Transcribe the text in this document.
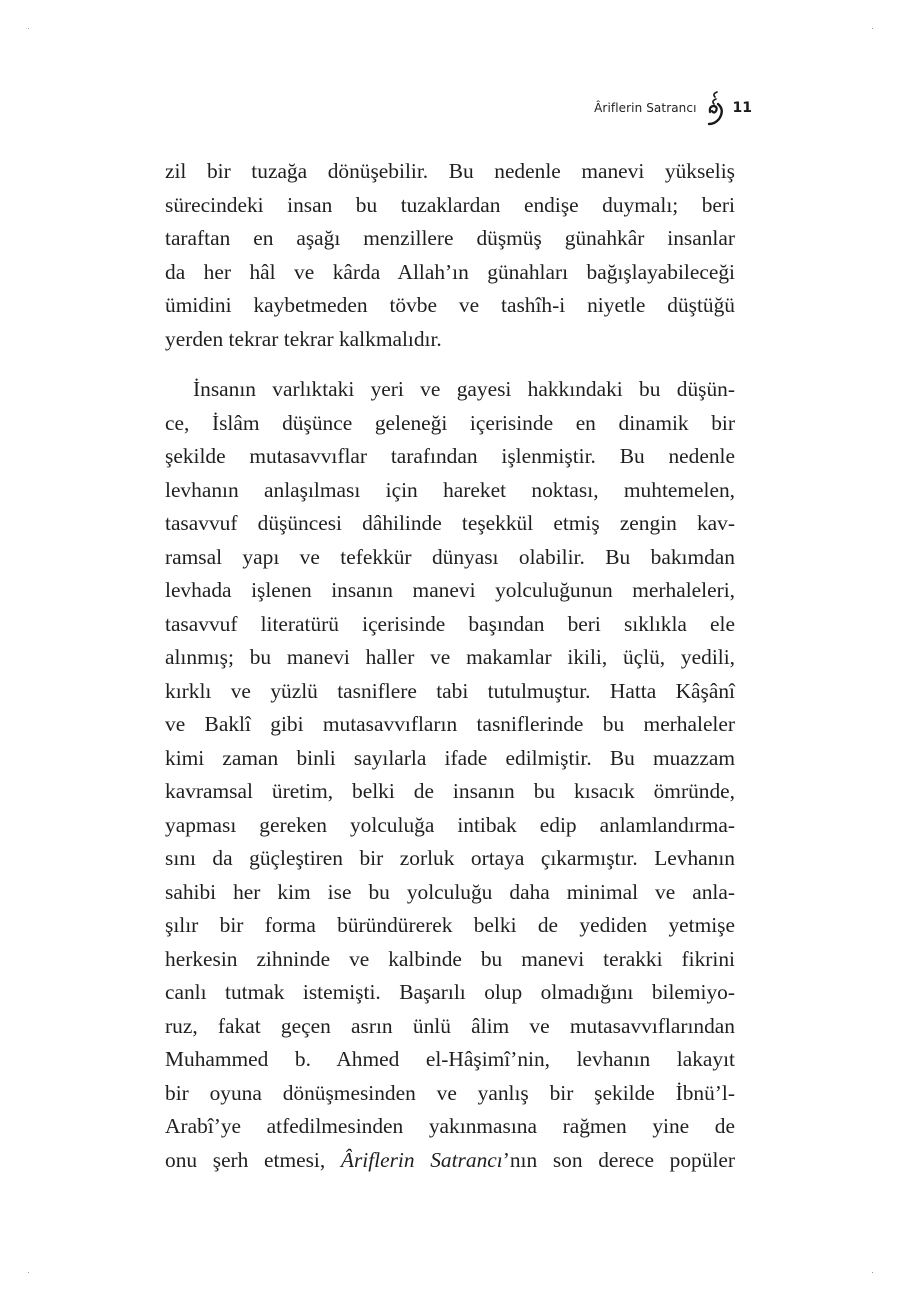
Âriflerin Satrancı	11
zil bir tuzağa dönüşebilir. Bu nedenle manevi yükseliş
sürecindeki insan bu tuzaklardan endişe duymalı; beri
taraftan en aşağı menzillere düşmüş günahkâr insanlar
da her hâl ve kârda Allah’ın günahları bağışlayabileceği
ümidini kaybetmeden tövbe ve tashîh-i niyetle düştüğü
yerden tekrar tekrar kalkmalıdır.
İnsanın varlıktaki yeri ve gayesi hakkındaki bu düşün-
ce, İslâm düşünce geleneği içerisinde en dinamik bir
şekilde mutasavvıflar tarafından işlenmiştir. Bu nedenle
levhanın anlaşılması için hareket noktası, muhtemelen,
tasavvuf düşüncesi dâhilinde teşekkül etmiş zengin kav-
ramsal yapı ve tefekkür dünyası olabilir. Bu bakımdan
levhada işlenen insanın manevi yolculuğunun merhaleleri,
tasavvuf literatürü içerisinde başından beri sıklıkla ele
alınmış; bu manevi haller ve makamlar ikili, üçlü, yedili,
kırklı ve yüzlü tasniflere tabi tutulmuştur. Hatta Kâşânî
ve Baklî gibi mutasavvıfların tasniflerinde bu merhaleler
kimi zaman binli sayılarla ifade edilmiştir. Bu muazzam
kavramsal üretim, belki de insanın bu kısacık ömründe,
yapması gereken yolculuğa intibak edip anlamlandırma-
sını da güçleştiren bir zorluk ortaya çıkarmıştır. Levhanın
sahibi her kim ise bu yolculuğu daha minimal ve anla-
şılır bir forma büründürerek belki de yediden yetmişe
herkesin zihninde ve kalbinde bu manevi terakki fikrini
canlı tutmak istemişti. Başarılı olup olmadığını bilemiyo-
ruz, fakat geçen asrın ünlü âlim ve mutasavvıflarından
Muhammed b. Ahmed el-Hâşimî’nin, levhanın lakayıt
bir oyuna dönüşmesinden ve yanlış bir şekilde İbnü’l-
Arabî’ye atfedilmesinden yakınmasına rağmen yine de
onu şerh etmesi, Âriflerin Satrancı’nın son derece popüler
